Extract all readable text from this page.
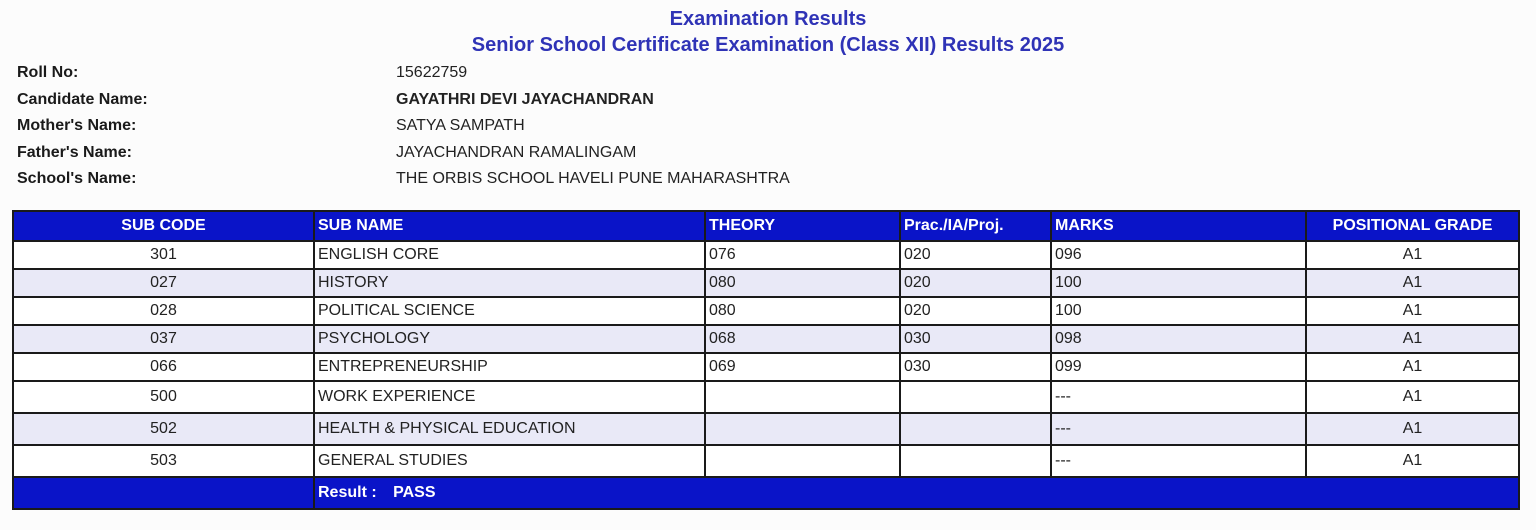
Examination Results
Senior School Certificate Examination (Class XII) Results 2025
Roll No:	15622759
Candidate Name:	GAYATHRI DEVI JAYACHANDRAN
Mother's Name:	SATYA SAMPATH
Father's Name:	JAYACHANDRAN RAMALINGAM
School's Name:	THE ORBIS SCHOOL HAVELI PUNE MAHARASHTRA
SUB CODE	SUB NAME	THEORY	Prac./IA/Proj.	MARKS	POSITIONAL GRADE
301	ENGLISH CORE	076	020	096	A1
027	HISTORY	080	020	100	A1
028	POLITICAL SCIENCE	080	020	100	A1
037	PSYCHOLOGY	068	030	098	A1
066	ENTREPRENEURSHIP	069	030	099	A1
500	WORK EXPERIENCE			---	A1
502	HEALTH & PHYSICAL EDUCATION			---	A1
503	GENERAL STUDIES			---	A1
	Result : PASS				
